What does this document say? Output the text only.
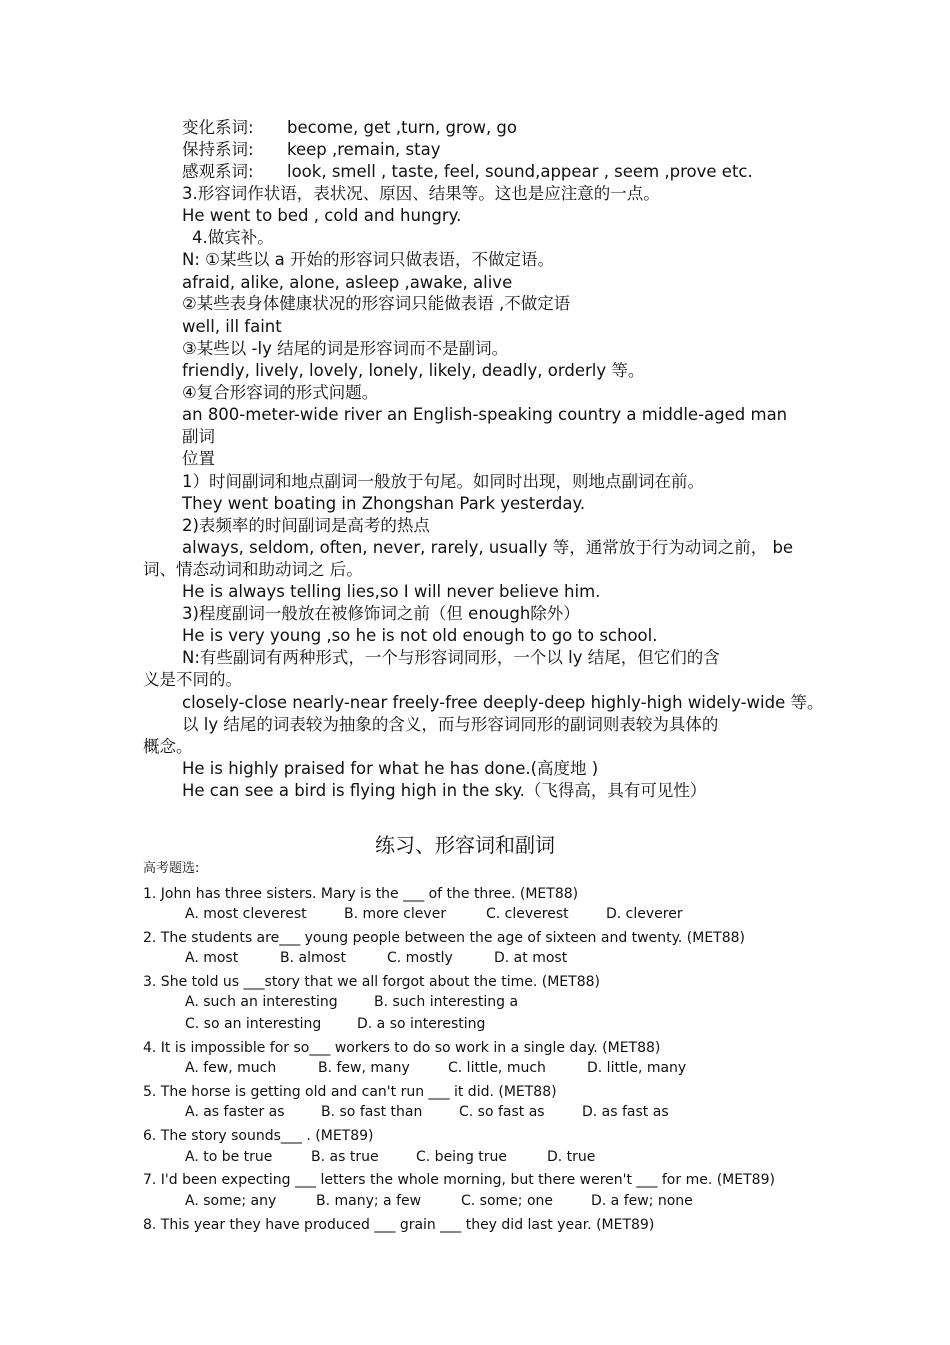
变化系词: become, get ,turn, grow, go
保持系词: keep ,remain, stay
感观系词: look, smell , taste, feel, sound,appear , seem ,prove etc.
3.形容词作状语，表状况、原因、结果等。这也是应注意的一点。
He went to bed , cold and hungry.
4.做宾补。
N: ①某些以 a 开始的形容词只做表语，不做定语。
afraid, alike, alone, asleep ,awake, alive
②某些表身体健康状况的形容词只能做表语 ,不做定语
well, ill faint
③某些以 -ly 结尾的词是形容词而不是副词。
friendly, lively, lovely, lonely, likely, deadly, orderly 等。
④复合形容词的形式问题。
an 800-meter-wide river an English-speaking country a middle-aged man
副词
位置
1）时间副词和地点副词一般放于句尾。如同时出现，则地点副词在前。
They went boating in Zhongshan Park yesterday.
2)表频率的时间副词是高考的热点
always, seldom, often, never, rarely, usually 等，通常放于行为动词之前， be
词、情态动词和助动词之 后。
He is always telling lies,so I will never believe him.
3)程度副词一般放在被修饰词之前（但 enough除外）
He is very young ,so he is not old enough to go to school.
N:有些副词有两种形式，一个与形容词同形，一个以 ly 结尾，但它们的含
义是不同的。
closely-close nearly-near freely-free deeply-deep highly-high widely-wide 等。
以 ly 结尾的词表较为抽象的含义，而与形容词同形的副词则表较为具体的
概念。
He is highly praised for what he has done.(高度地 )
He can see a bird is flying high in the sky.（飞得高，具有可见性）
练习、形容词和副词
高考题选:
1. John has three sisters. Mary is the ___ of the three. (MET88)
A. most cleverest	B. more clever	C. cleverest	D. cleverer
2. The students are___ young people between the age of sixteen and twenty. (MET88)
A. most	B. almost	C. mostly	D. at most
3. She told us ___story that we all forgot about the time. (MET88)
A. such an interesting	B. such interesting a
C. so an interesting	D. a so interesting
4. It is impossible for so___ workers to do so work in a single day. (MET88)
A. few, much	B. few, many	C. little, much	D. little, many
5. The horse is getting old and can't run ___ it did. (MET88)
A. as faster as	B. so fast than	C. so fast as	D. as fast as
6. The story sounds___ . (MET89)
A. to be true	B. as true	C. being true	D. true
7. I'd been expecting ___ letters the whole morning, but there weren't ___ for me. (MET89)
A. some; any	B. many; a few	C. some; one	D. a few; none
8. This year they have produced ___ grain ___ they did last year. (MET89)
